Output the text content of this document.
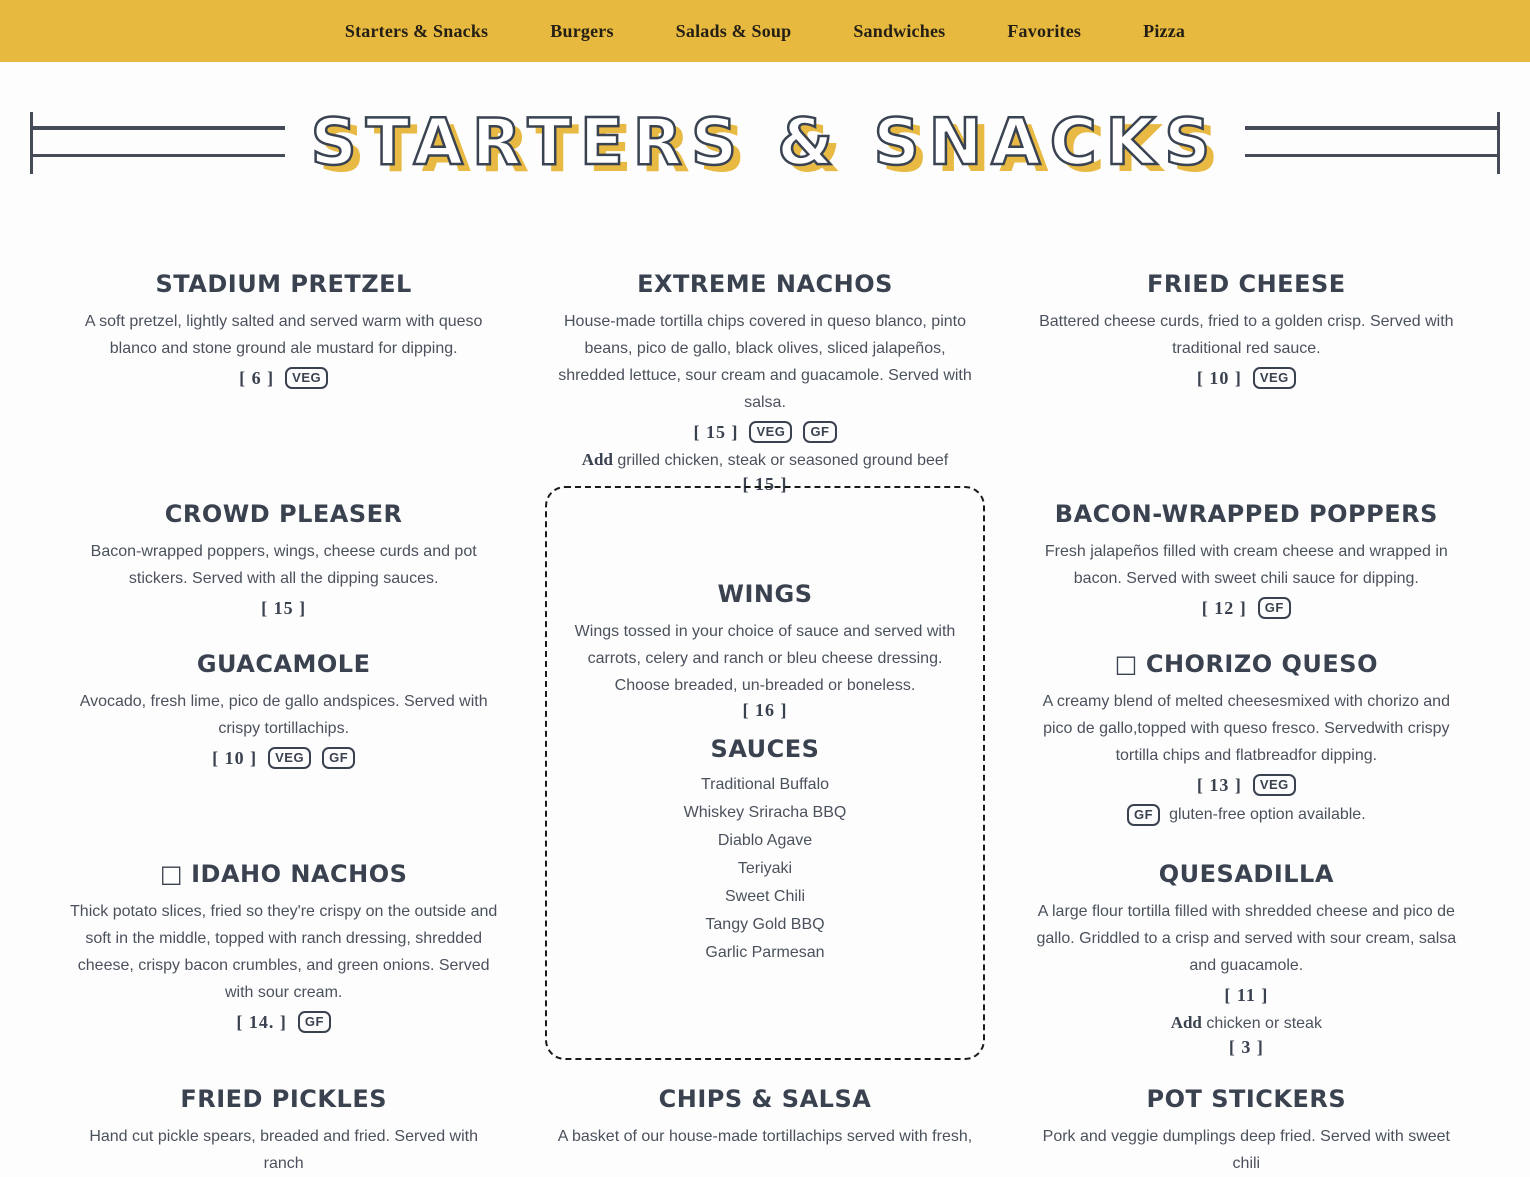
Starters & Snacks	Burgers	Salads & Soup	Sandwiches	Favorites	Pizza
STARTERS & SNACKS
STADIUM PRETZEL

A soft pretzel, lightly salted and served warm with queso blanco and stone ground ale mustard for dipping.

[ 6 ]	VEG
CROWD PLEASER

Bacon-wrapped poppers, wings, cheese curds and pot stickers. Served with all the dipping sauces.

[ 15 ]
GUACAMOLE

Avocado, fresh lime, pico de gallo andspices. Served with crispy tortillachips.

[ 10 ]	VEG	GF
□ IDAHO NACHOS

Thick potato slices, fried so they're crispy on the outside and soft in the middle, topped with ranch dressing, shredded cheese, crispy bacon crumbles, and green onions. Served with sour cream.

[ 14. ]	GF
FRIED PICKLES

Hand cut pickle spears, breaded and fried. Served with ranch

EXTREME NACHOS

House-made tortilla chips covered in queso blanco, pinto beans, pico de gallo, black olives, sliced jalapeños, shredded lettuce, sour cream and guacamole. Served with salsa.

[ 15 ]	VEG	GF

Add grilled chicken, steak or seasoned ground beef

[ 15 ]
WINGS

Wings tossed in your choice of sauce and served with carrots, celery and ranch or bleu cheese dressing. Choose breaded, un-breaded or boneless.

[ 16 ]
SAUCES
Traditional Buffalo
Whiskey Sriracha BBQ
Diablo Agave
Teriyaki
Sweet Chili
Tangy Gold BBQ
Garlic Parmesan
CHIPS & SALSA

A basket of our house-made tortillachips served with fresh,

FRIED CHEESE

Battered cheese curds, fried to a golden crisp. Served with traditional red sauce.

[ 10 ]	VEG
BACON-WRAPPED POPPERS

Fresh jalapeños filled with cream cheese and wrapped in bacon. Served with sweet chili sauce for dipping.

[ 12 ]	GF
□ CHORIZO QUESO

A creamy blend of melted cheesesmixed with chorizo and pico de gallo,topped with queso fresco. Servedwith crispy tortilla chips and flatbreadfor dipping.

[ 13 ]	VEG

GF	gluten-free option available.

QUESADILLA

A large flour tortilla filled with shredded cheese and pico de gallo. Griddled to a crisp and served with sour cream, salsa and guacamole.

[ 11 ]

Add chicken or steak

[ 3 ]
POT STICKERS

Pork and veggie dumplings deep fried. Served with sweet chili
